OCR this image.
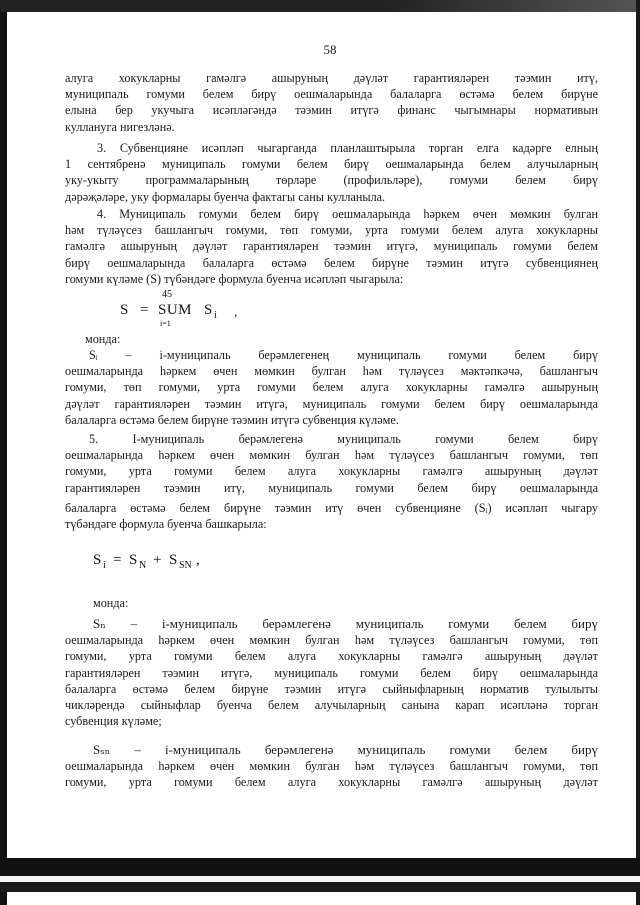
58
алуга хокукларны гамәлгә ашыруның дәүләт гарантияләрен тәэмин итү,
муниципаль гомуми белем бирү оешмаларында балаларга өстәмә белем бирүне
елына бер укучыга исәпләгәндә тәэмин итүгә финанс чыгымнары нормативын
кулланугa нигезләнә.
3. Субвенцияне исәпләп чыгарганда планлаштырыла торган елга кадәрге елның
1 сентябренә муниципаль гомуми белем бирү оешмаларында белем алучыларның
уку-укыту программаларының төрләре (профильләре), гомуми белем бирү
дәрәҗәләре, уку формалары буенча фактагы саны кулланыла.
4. Муниципаль гомуми белем бирү оешмаларында һәркем өчен мөмкин булган
һәм түләүсез башлангыч гомуми, төп гомуми, урта гомуми белем алуга хокукларны
гамәлгә ашыруның дәүләт гарантияләрен тәэмин итүгә, муниципаль гомуми белем
бирү оешмаларында балаларга өстәмә белем бирүне тәэмин итүгә субвенциянең
гомуми күләме (S) түбәндәге формула буенча исәпләп чыгарыла:
S = SUM
45
i=1
S i ,
монда:
Sᵢ – i-муниципаль берәмлегенең муниципаль гомуми белем бирү
оешмаларында һәркем өчен мөмкин булган һәм түләүсез мәктәпкәчә, башлангыч
гомуми, төп гомуми, урта гомуми белем алуга хокукларны гамәлгә ашыруның
дәүләт гарантияләрен тәэмин итүгә, муниципаль гомуми белем бирү оешмаларында
балаларга өстәмә белем бирүне тәэмин итүгә субвенция күләме.
5. I-муниципаль берәмлегенә муниципаль гомуми белем бирү
оешмаларында һәркем өчен мөмкин булган һәм түләүсез башлангыч гомуми, төп
гомуми, урта гомуми белем алуга хокукларны гамәлгә ашыруның дәүләт
гарантияләрен тәэмин итү, муниципаль гомуми белем бирү оешмаларында
балаларга өстәмә белем бирүне тәэмин итү өчен субвенцияне (Sᵢ) исәпләп чыгару
түбәндәге формула буенча башкарыла:
S i = S N + S SN ,
монда:
Sₙ – i-муниципаль берәмлегенә муниципаль гомуми белем бирү
оешмаларында һәркем өчен мөмкин булган һәм түләүсез башлангыч гомуми, төп
гомуми, урта гомуми белем алуга хокукларны гамәлгә ашыруның дәүләт
гарантияләрен тәэмин итүгә, муниципаль гомуми белем бирү оешмаларында
балаларга өстәмә белем бирүне тәэмин итүгә сыйныфларның норматив тулылыты
чикләрендә сыйныфлар буенча белем алучыларның санына карап исәпләнә торган
субвенция күләме;
Sₛₙ – i-муниципаль берәмлегенә муниципаль гомуми белем бирү
оешмаларында һәркем өчен мөмкин булган һәм түләүсез башлангыч гомуми, төп
гомуми, урта гомуми белем алуга хокукларны гамәлгә ашыруның дәүләт
